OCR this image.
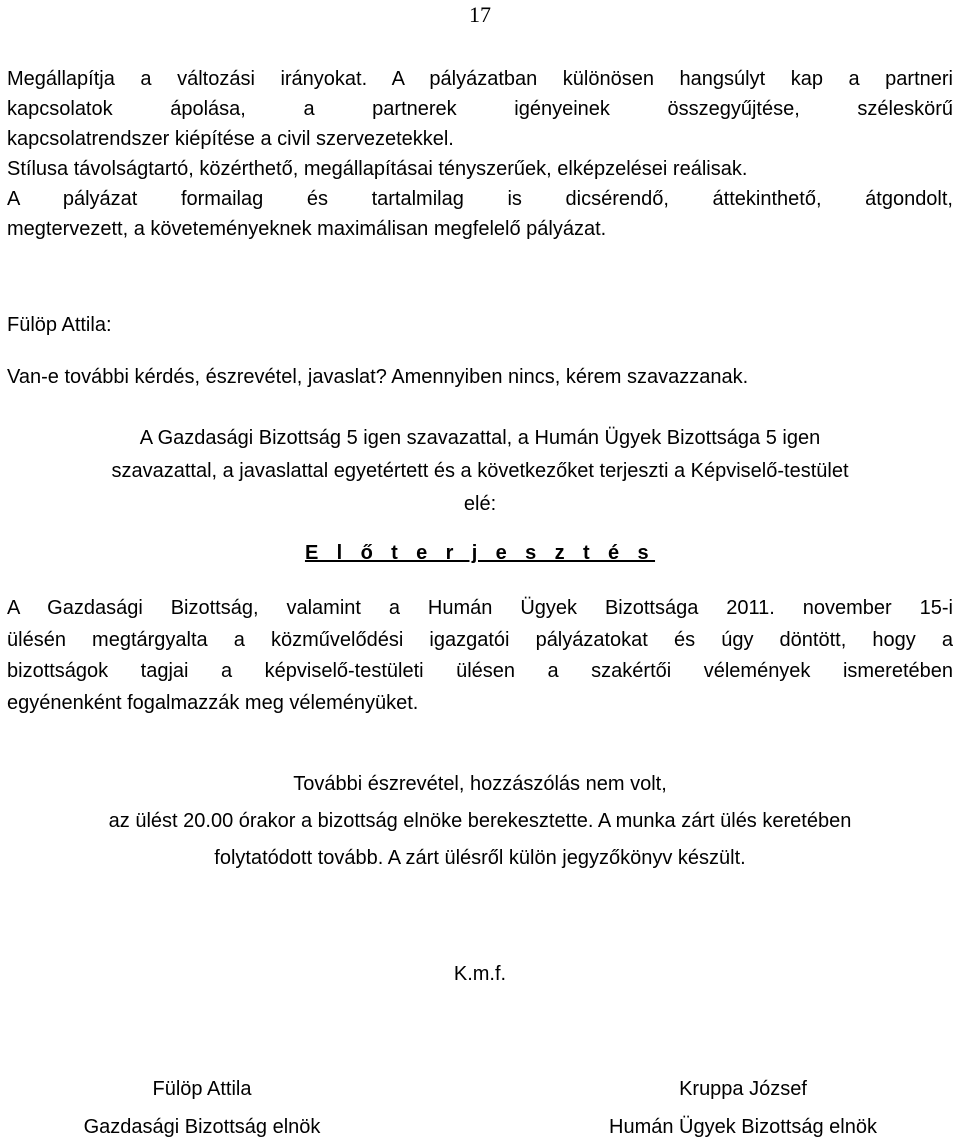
17
Megállapítja a változási irányokat. A pályázatban különösen hangsúlyt kap a partneri
kapcsolatok ápolása, a partnerek igényeinek összegyűjtése, széleskörű
kapcsolatrendszer kiépítése a civil szervezetekkel.
Stílusa távolságtartó, közérthető, megállapításai tényszerűek, elképzelései reálisak.
A pályázat formailag és tartalmilag is dicsérendő, áttekinthető, átgondolt,
megtervezett, a követeményeknek maximálisan megfelelő pályázat.
Fülöp Attila:
Van-e további kérdés, észrevétel, javaslat? Amennyiben nincs, kérem szavazzanak.
A Gazdasági Bizottság 5 igen szavazattal, a Humán Ügyek Bizottsága 5 igen
szavazattal, a javaslattal egyetértett és a következőket terjeszti a Képviselő-testület
elé:
E l ő t e r j e s z t é s
A Gazdasági Bizottság, valamint a Humán Ügyek Bizottsága 2011. november 15-i
ülésén megtárgyalta a közművelődési igazgatói pályázatokat és úgy döntött, hogy a
bizottságok tagjai a képviselő-testületi ülésen a szakértői vélemények ismeretében
egyénenként fogalmazzák meg véleményüket.
További észrevétel, hozzászólás nem volt,
az ülést 20.00 órakor a bizottság elnöke berekesztette. A munka zárt ülés keretében
folytatódott tovább. A zárt ülésről külön jegyzőkönyv készült.
K.m.f.
Fülöp Attila
Gazdasági Bizottság elnök
Kruppa József
Humán Ügyek Bizottság elnök
